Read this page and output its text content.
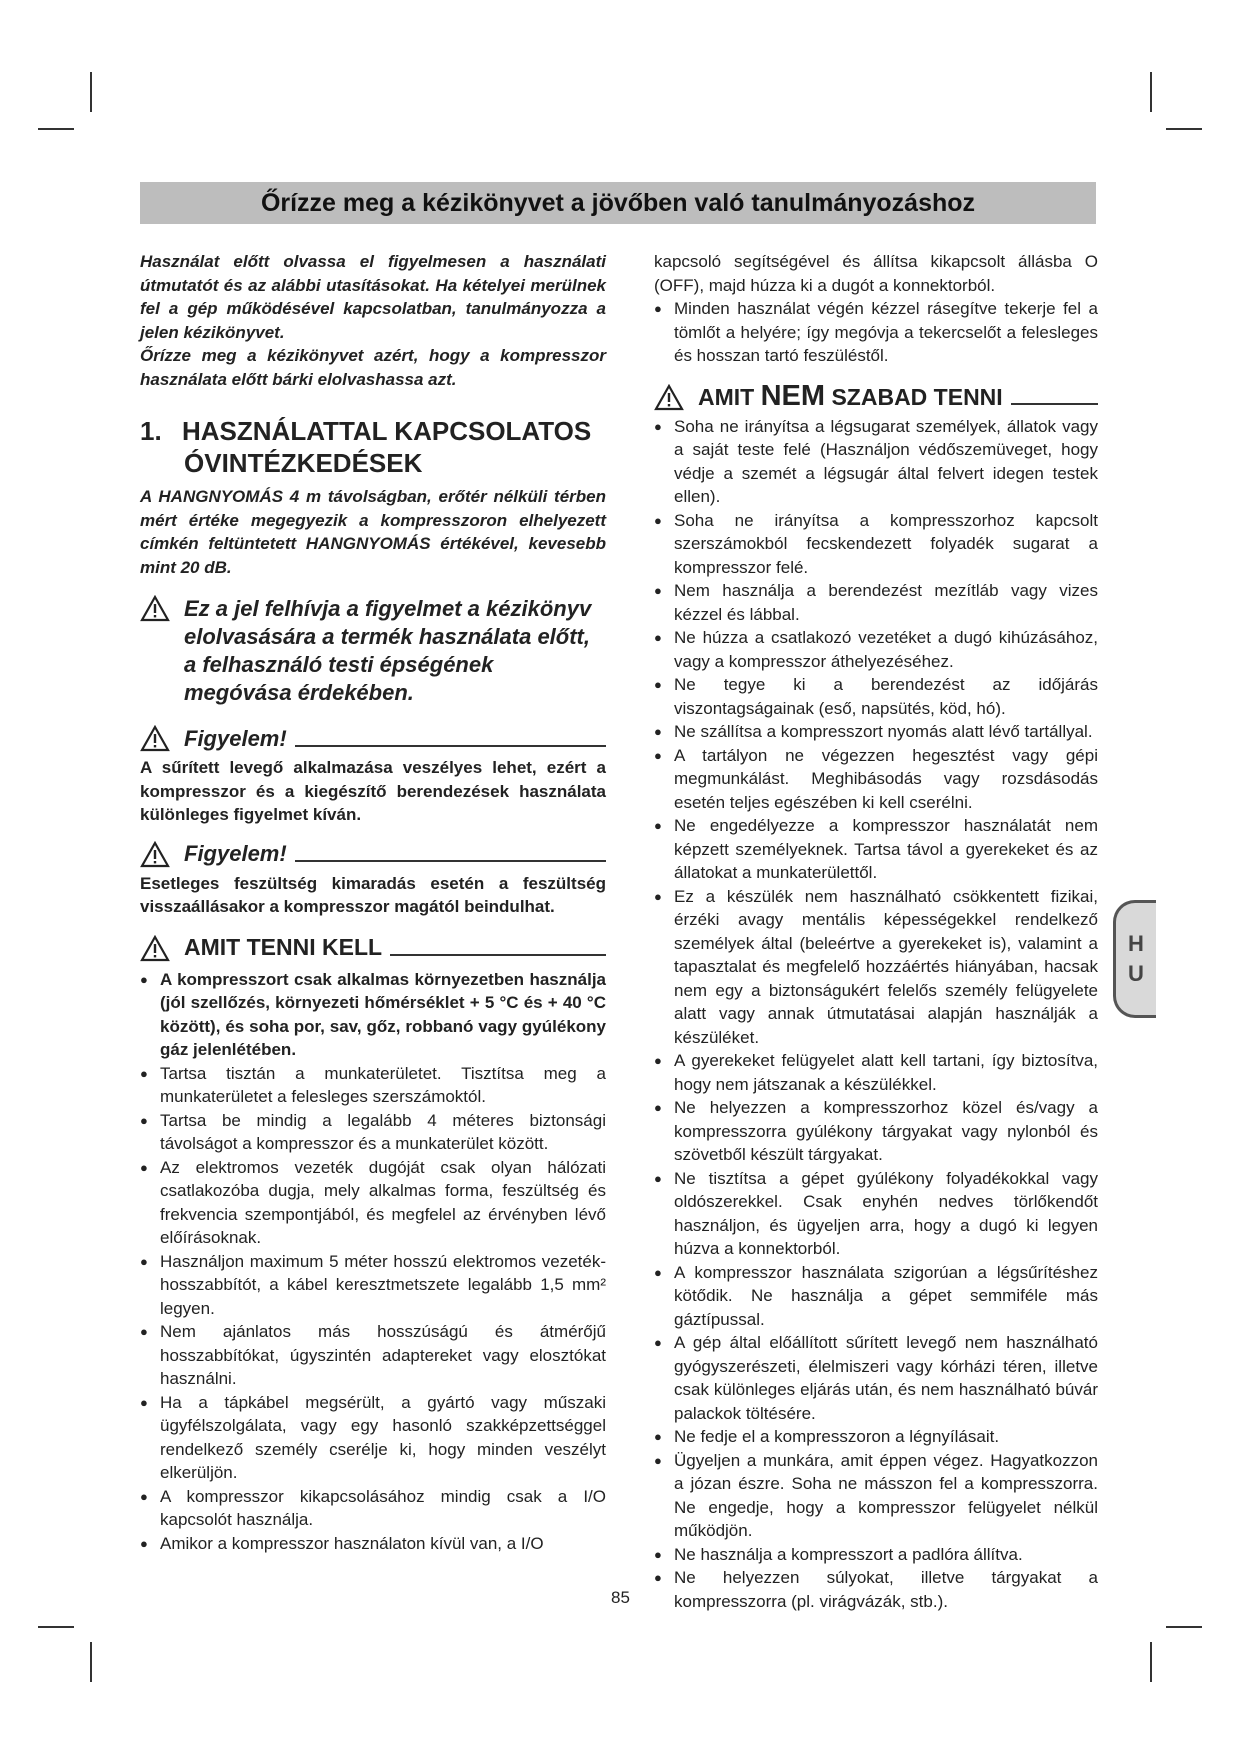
Őrízze meg a kézikönyvet a jövőben való tanulmányozáshoz

Használat előtt olvassa el figyelmesen a használati útmutatót és az alábbi utasításokat. Ha kételyei merülnek fel a gép működésével kapcsolatban, tanulmányozza a jelen kézikönyvet.

Őrízze meg a kézikönyvet azért, hogy a kompresszor használata előtt bárki elolvashassa azt.

1. HASZNÁLATTAL KAPCSOLATOS
ÓVINTÉZKEDÉSEK

A HANGNYOMÁS 4 m távolságban, erőtér nélküli térben mért értéke megegyezik a kompresszoron elhelyezett címkén feltüntetett HANGNYOMÁS értékével, kevesebb mint 20 dB.

Ez a jel felhívja a figyelmet a kézikönyv elolvasására a termék használata előtt, a felhasználó testi épségének megóvása érdekében.
Figyelem!

A sűrített levegő alkalmazása veszélyes lehet, ezért a kompresszor és a kiegészítő berendezések használata különleges figyelmet kíván.

Figyelem!

Esetleges feszültség kimaradás esetén a feszültség visszaállásakor a kompresszor magától beindulhat.

AMIT TENNI KELL
● A kompresszort csak alkalmas környezetben használja (jól szellőzés, környezeti hőmérséklet + 5 °C és + 40 °C között), és soha por, sav, gőz, robbanó vagy gyúlékony gáz jelenlétében.
● Tartsa tisztán a munkaterületet. Tisztítsa meg a munkaterületet a felesleges szerszámoktól.
● Tartsa be mindig a legalább 4 méteres biztonsági távolságot a kompresszor és a munkaterület között.
● Az elektromos vezeték dugóját csak olyan hálózati csatlakozóba dugja, mely alkalmas forma, feszültség és frekvencia szempontjából, és megfelel az érvényben lévő előírásoknak.
● Használjon maximum 5 méter hosszú elektromos vezeték-hosszabbítót, a kábel keresztmetszete legalább 1,5 mm² legyen.
● Nem ajánlatos más hosszúságú és átmérőjű hosszabbítókat, úgyszintén adaptereket vagy elosztókat használni.
● Ha a tápkábel megsérült, a gyártó vagy műszaki ügyfélszolgálata, vagy egy hasonló szakképzettséggel rendelkező személy cserélje ki, hogy minden veszélyt elkerüljön.
● A kompresszor kikapcsolásához mindig csak a I/O kapcsolót használja.
● Amikor a kompresszor használaton kívül van, a I/O

kapcsoló segítségével és állítsa kikapcsolt állásba O (OFF), majd húzza ki a dugót a konnektorból.

● Minden használat végén kézzel rásegítve tekerje fel a tömlőt a helyére; így megóvja a tekercselőt a felesleges és hosszan tartó feszüléstől.
AMIT NEM SZABAD TENNI
● Soha ne irányítsa a légsugarat személyek, állatok vagy a saját teste felé (Használjon védőszemüveget, hogy védje a szemét a légsugár által felvert idegen testek ellen).
● Soha ne irányítsa a kompresszorhoz kapcsolt szerszámokból fecskendezett folyadék sugarat a kompresszor felé.
● Nem használja a berendezést mezítláb vagy vizes kézzel és lábbal.
● Ne húzza a csatlakozó vezetéket a dugó kihúzásához, vagy a kompresszor áthelyezéséhez.
● Ne tegye ki a berendezést az időjárás viszontagságainak (eső, napsütés, köd, hó).
● Ne szállítsa a kompresszort nyomás alatt lévő tartállyal.
● A tartályon ne végezzen hegesztést vagy gépi megmunkálást. Meghibásodás vagy rozsdásodás esetén teljes egészében ki kell cserélni.
● Ne engedélyezze a kompresszor használatát nem képzett személyeknek. Tartsa távol a gyerekeket és az állatokat a munkaterülettől.
● Ez a készülék nem használható csökkentett fizikai, érzéki avagy mentális képességekkel rendelkező személyek által (beleértve a gyerekeket is), valamint a tapasztalat és megfelelő hozzáértés hiányában, hacsak nem egy a biztonságukért felelős személy felügyelete alatt vagy annak útmutatásai alapján használják a készüléket.
● A gyerekeket felügyelet alatt kell tartani, így biztosítva, hogy nem játszanak a készülékkel.
● Ne helyezzen a kompresszorhoz közel és/vagy a kompresszorra gyúlékony tárgyakat vagy nylonból és szövetből készült tárgyakat.
● Ne tisztítsa a gépet gyúlékony folyadékokkal vagy oldószerekkel. Csak enyhén nedves törlőkendőt használjon, és ügyeljen arra, hogy a dugó ki legyen húzva a konnektorból.
● A kompresszor használata szigorúan a légsűrítéshez kötődik. Ne használja a gépet semmiféle más gáztípussal.
● A gép által előállított sűrített levegő nem használható gyógyszerészeti, élelmiszeri vagy kórházi téren, illetve csak különleges eljárás után, és nem használható búvár palackok töltésére.
● Ne fedje el a kompresszoron a légnyílásait.
● Ügyeljen a munkára, amit éppen végez. Hagyatkozzon a józan észre. Soha ne másszon fel a kompresszorra. Ne engedje, hogy a kompresszor felügyelet nélkül működjön.
● Ne használja a kompresszort a padlóra állítva.
● Ne helyezzen súlyokat, illetve tárgyakat a kompresszorra (pl. virágvázák, stb.).
H
U
85
